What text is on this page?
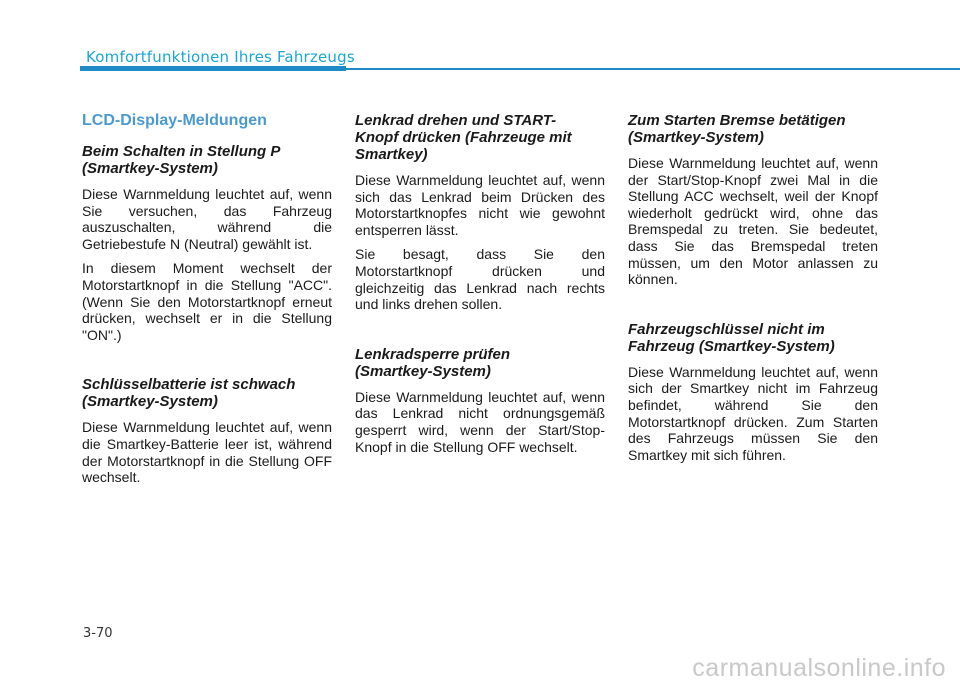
Komfortfunktionen Ihres Fahrzeugs
LCD-Display-Meldungen
Beim Schalten in Stellung P
(Smartkey-System)

Diese Warnmeldung leuchtet auf, wenn Sie versuchen, das Fahrzeug auszuschalten, während die Getriebestufe N (Neutral) gewählt ist.

In diesem Moment wechselt der Motorstartknopf in die Stellung "ACC". (Wenn Sie den Motorstartknopf erneut drücken, wechselt er in die Stellung "ON".)

Schlüsselbatterie ist schwach
(Smartkey-System)

Diese Warnmeldung leuchtet auf, wenn die Smartkey-Batterie leer ist, während der Motorstartknopf in die Stellung OFF wechselt.

Lenkrad drehen und START-
Knopf drücken (Fahrzeuge mit
Smartkey)

Diese Warnmeldung leuchtet auf, wenn sich das Lenkrad beim Drücken des Motorstartknopfes nicht wie gewohnt entsperren lässt.

Sie besagt, dass Sie den Motorstartknopf drücken und gleichzeitig das Lenkrad nach rechts und links drehen sollen.

Lenkradsperre prüfen
(Smartkey-System)

Diese Warnmeldung leuchtet auf, wenn das Lenkrad nicht ordnungsgemäß gesperrt wird, wenn der Start/Stop-Knopf in die Stellung OFF wechselt.

Zum Starten Bremse betätigen
(Smartkey-System)

Diese Warnmeldung leuchtet auf, wenn der Start/Stop-Knopf zwei Mal in die Stellung ACC wechselt, weil der Knopf wiederholt gedrückt wird, ohne das Bremspedal zu treten. Sie bedeutet, dass Sie das Bremspedal treten müssen, um den Motor anlassen zu können.

Fahrzeugschlüssel nicht im
Fahrzeug (Smartkey-System)

Diese Warnmeldung leuchtet auf, wenn sich der Smartkey nicht im Fahrzeug befindet, während Sie den Motorstartknopf drücken. Zum Starten des Fahrzeugs müssen Sie den Smartkey mit sich führen.

3-70
carmanualsonline.info
